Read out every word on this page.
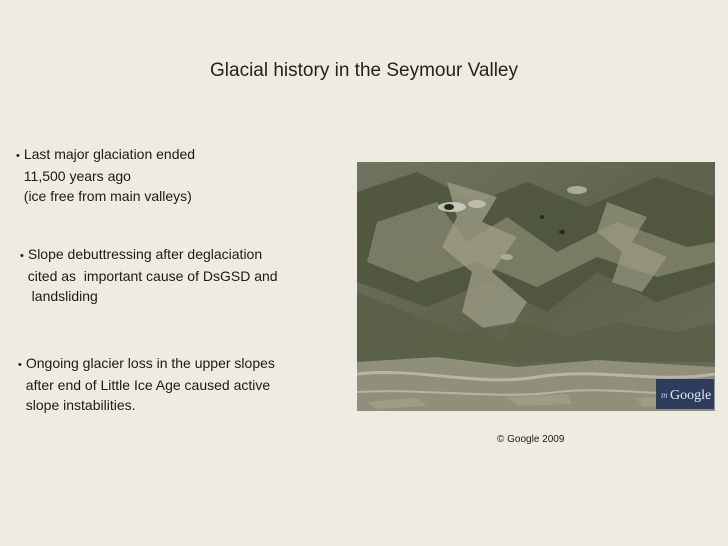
Glacial history in the Seymour Valley
• Last major glaciation ended
11,500 years ago
(ice free from main valleys)
• Slope debuttressing after deglaciation
cited as  important cause of DsGSD and
landsliding
• Ongoing glacier loss in the upper slopes
after end of Little Ice Age caused active
slope instabilities.
m Google
© Google 2009
